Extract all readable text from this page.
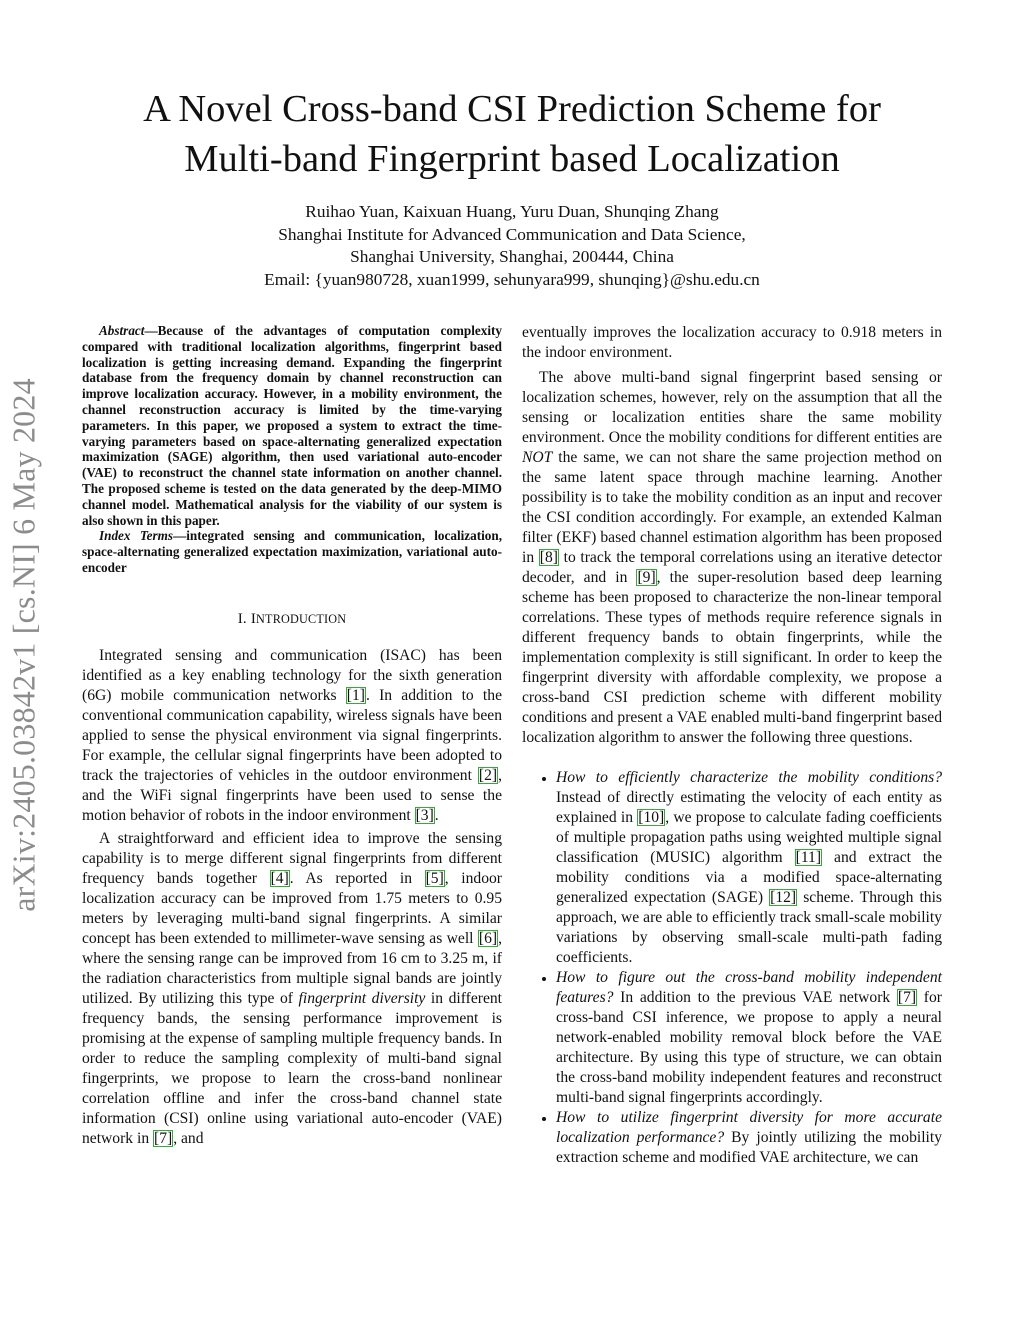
A Novel Cross-band CSI Prediction Scheme for
Multi-band Fingerprint based Localization
Ruihao Yuan, Kaixuan Huang, Yuru Duan, Shunqing Zhang
Shanghai Institute for Advanced Communication and Data Science,
Shanghai University, Shanghai, 200444, China
Email: {yuan980728, xuan1999, sehunyara999, shunqing}@shu.edu.cn
arXiv:2405.03842v1 [cs.NI] 6 May 2024

Abstract—Because of the advantages of computation complexity compared with traditional localization algorithms, fingerprint based localization is getting increasing demand. Expanding the fingerprint database from the frequency domain by channel reconstruction can improve localization accuracy. However, in a mobility environment, the channel reconstruction accuracy is limited by the time-varying parameters. In this paper, we proposed a system to extract the time-varying parameters based on space-alternating generalized expectation maximization (SAGE) algorithm, then used variational auto-encoder (VAE) to reconstruct the channel state information on another channel. The proposed scheme is tested on the data generated by the deep-MIMO channel model. Mathematical analysis for the viability of our system is also shown in this paper.

Index Terms—integrated sensing and communication, localization, space-alternating generalized expectation maximization, variational auto-encoder

I. INTRODUCTION

Integrated sensing and communication (ISAC) has been identified as a key enabling technology for the sixth generation (6G) mobile communication networks [1]. In addition to the conventional communication capability, wireless signals have been applied to sense the physical environment via signal fingerprints. For example, the cellular signal fingerprints have been adopted to track the trajectories of vehicles in the outdoor environment [2], and the WiFi signal fingerprints have been used to sense the motion behavior of robots in the indoor environment [3].

A straightforward and efficient idea to improve the sensing capability is to merge different signal fingerprints from different frequency bands together [4]. As reported in [5], indoor localization accuracy can be improved from 1.75 meters to 0.95 meters by leveraging multi-band signal fingerprints. A similar concept has been extended to millimeter-wave sensing as well [6], where the sensing range can be improved from 16 cm to 3.25 m, if the radiation characteristics from multiple signal bands are jointly utilized. By utilizing this type of fingerprint diversity in different frequency bands, the sensing performance improvement is promising at the expense of sampling multiple frequency bands. In order to reduce the sampling complexity of multi-band signal fingerprints, we propose to learn the cross-band nonlinear correlation offline and infer the cross-band channel state information (CSI) online using variational auto-encoder (VAE) network in [7], and

eventually improves the localization accuracy to 0.918 meters in the indoor environment.

The above multi-band signal fingerprint based sensing or localization schemes, however, rely on the assumption that all the sensing or localization entities share the same mobility environment. Once the mobility conditions for different entities are NOT the same, we can not share the same projection method on the same latent space through machine learning. Another possibility is to take the mobility condition as an input and recover the CSI condition accordingly. For example, an extended Kalman filter (EKF) based channel estimation algorithm has been proposed in [8] to track the temporal correlations using an iterative detector decoder, and in [9], the super-resolution based deep learning scheme has been proposed to characterize the non-linear temporal correlations. These types of methods require reference signals in different frequency bands to obtain fingerprints, while the implementation complexity is still significant. In order to keep the fingerprint diversity with affordable complexity, we propose a cross-band CSI prediction scheme with different mobility conditions and present a VAE enabled multi-band fingerprint based localization algorithm to answer the following three questions.

• How to efficiently characterize the mobility conditions? Instead of directly estimating the velocity of each entity as explained in [10], we propose to calculate fading coefficients of multiple propagation paths using weighted multiple signal classification (MUSIC) algorithm [11] and extract the mobility conditions via a modified space-alternating generalized expectation (SAGE) [12] scheme. Through this approach, we are able to efficiently track small-scale mobility variations by observing small-scale multi-path fading coefficients.
• How to figure out the cross-band mobility independent features? In addition to the previous VAE network [7] for cross-band CSI inference, we propose to apply a neural network-enabled mobility removal block before the VAE architecture. By using this type of structure, we can obtain the cross-band mobility independent features and reconstruct multi-band signal fingerprints accordingly.
• How to utilize fingerprint diversity for more accurate localization performance? By jointly utilizing the mobility extraction scheme and modified VAE architecture, we can
